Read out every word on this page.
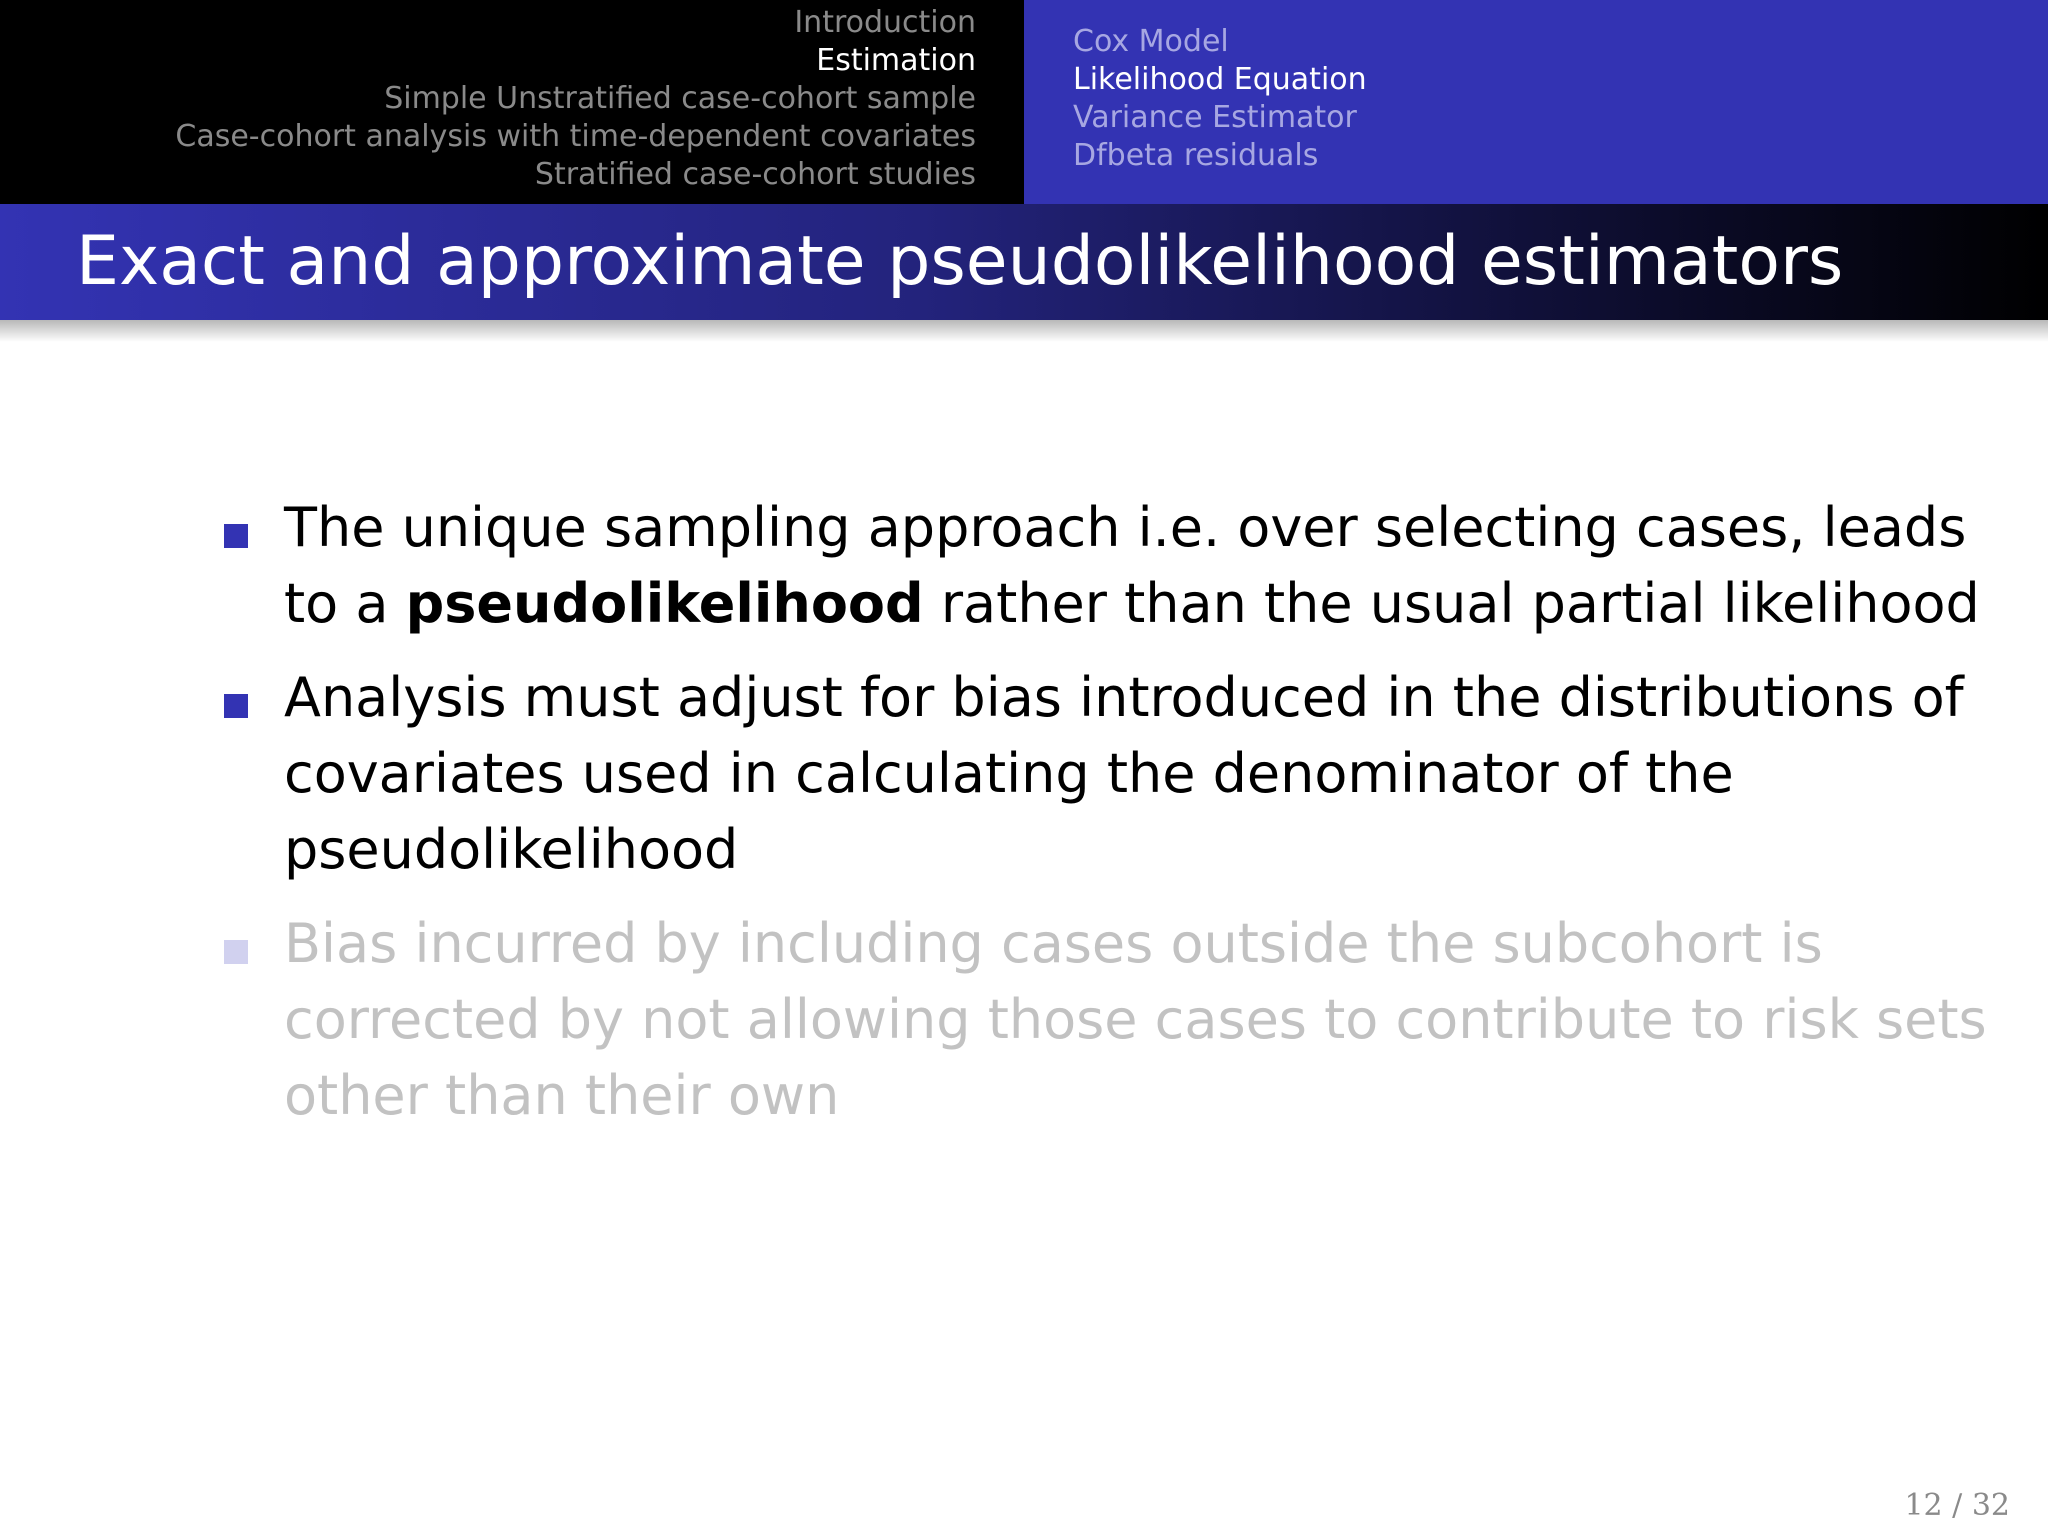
Introduction
Estimation
Simple Unstratified case-cohort sample
Case-cohort analysis with time-dependent covariates
Stratified case-cohort studies
Cox Model
Likelihood Equation
Variance Estimator
Dfbeta residuals
Exact and approximate pseudolikelihood estimators
The unique sampling approach i.e. over selecting cases, leads
to a pseudolikelihood rather than the usual partial likelihood
Analysis must adjust for bias introduced in the distributions of
covariates used in calculating the denominator of the
pseudolikelihood
Bias incurred by including cases outside the subcohort is
corrected by not allowing those cases to contribute to risk sets
other than their own
12 / 32
